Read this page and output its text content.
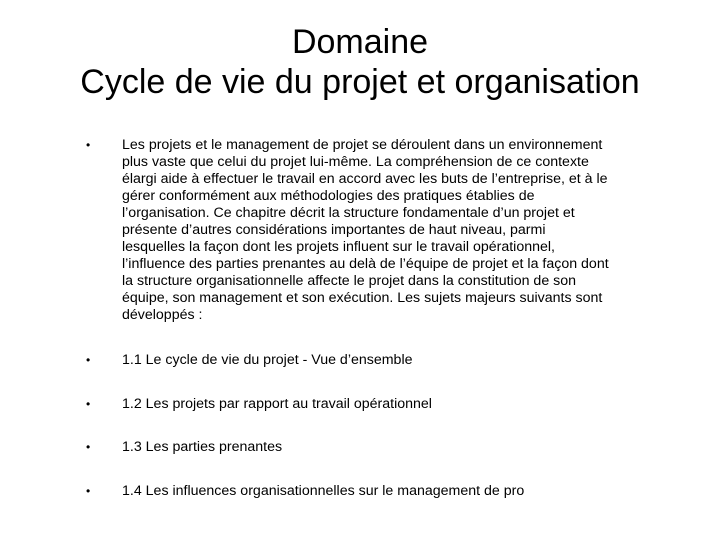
Domaine
Cycle de vie du projet et organisation
•	Les projets et le management de projet se déroulent dans un environnement
plus vaste que celui du projet lui-même. La compréhension de ce contexte
élargi aide à effectuer le travail en accord avec les buts de l’entreprise, et à le
gérer conformément aux méthodologies des pratiques établies de
l’organisation. Ce chapitre décrit la structure fondamentale d’un projet et
présente d’autres considérations importantes de haut niveau, parmi
lesquelles la façon dont les projets influent sur le travail opérationnel,
l’influence des parties prenantes au delà de l’équipe de projet et la façon dont
la structure organisationnelle affecte le projet dans la constitution de son
équipe, son management et son exécution. Les sujets majeurs suivants sont
développés :
•	1.1 Le cycle de vie du projet - Vue d’ensemble
•	1.2 Les projets par rapport au travail opérationnel
•	1.3 Les parties prenantes
•	1.4 Les influences organisationnelles sur le management de pro
